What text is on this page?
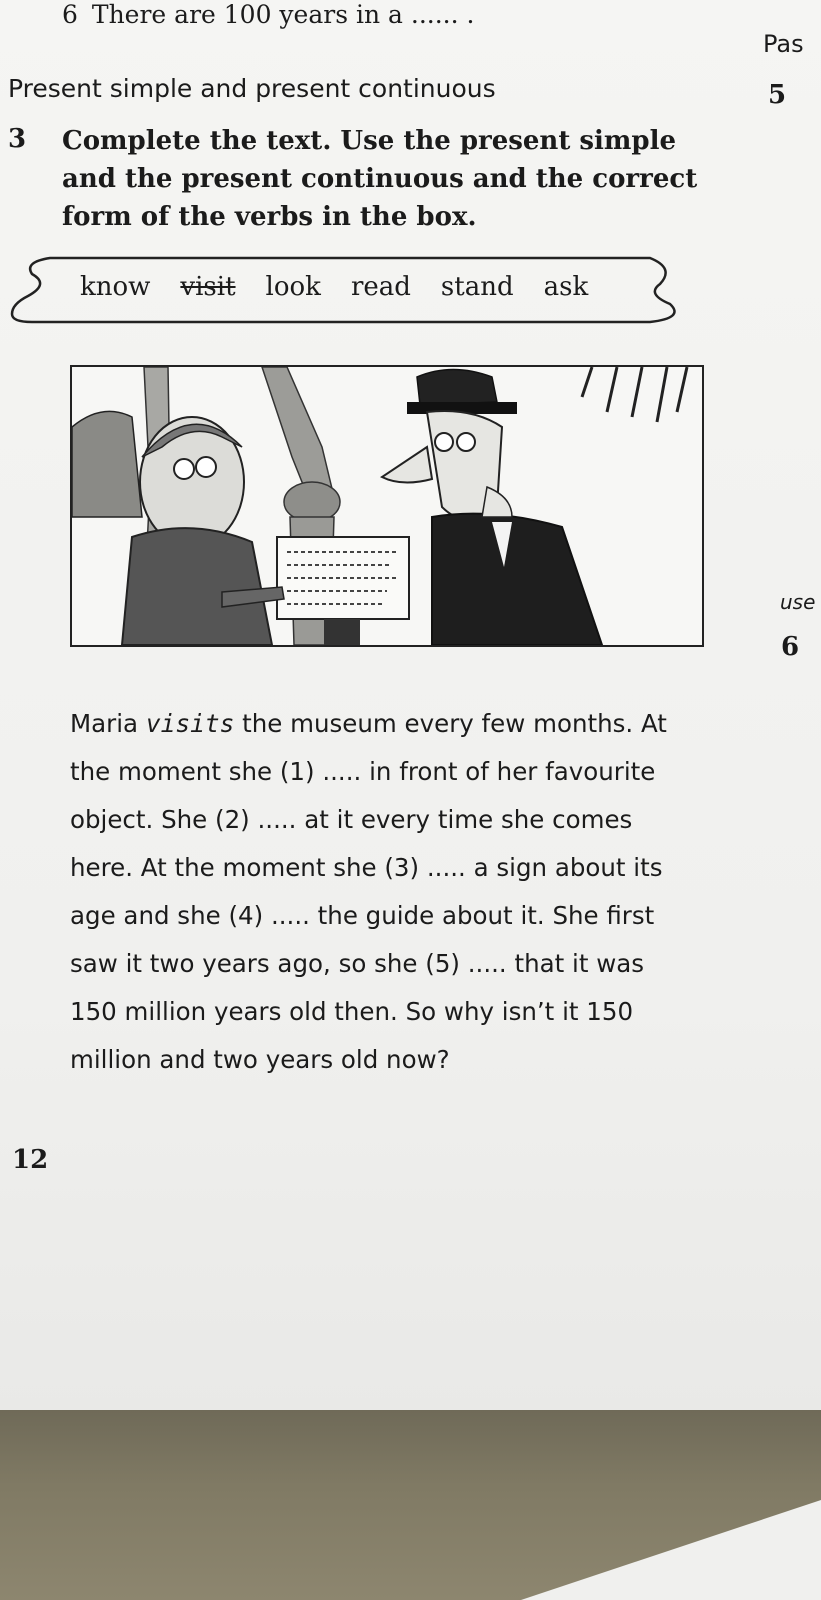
6 There are 100 years in a ...... .
Pas
5
Present simple and present continuous
3 Complete the text. Use the present simple and the present continuous and the correct form of the verbs in the box.
know visit look read stand ask
use
6
Maria visits the museum every few months. At
the moment she (1) ..... in front of her favourite
object. She (2) ..... at it every time she comes
here. At the moment she (3) ..... a sign about its
age and she (4) ..... the guide about it. She first
saw it two years ago, so she (5) ..... that it was
150 million years old then. So why isn’t it 150
million and two years old now?
12
